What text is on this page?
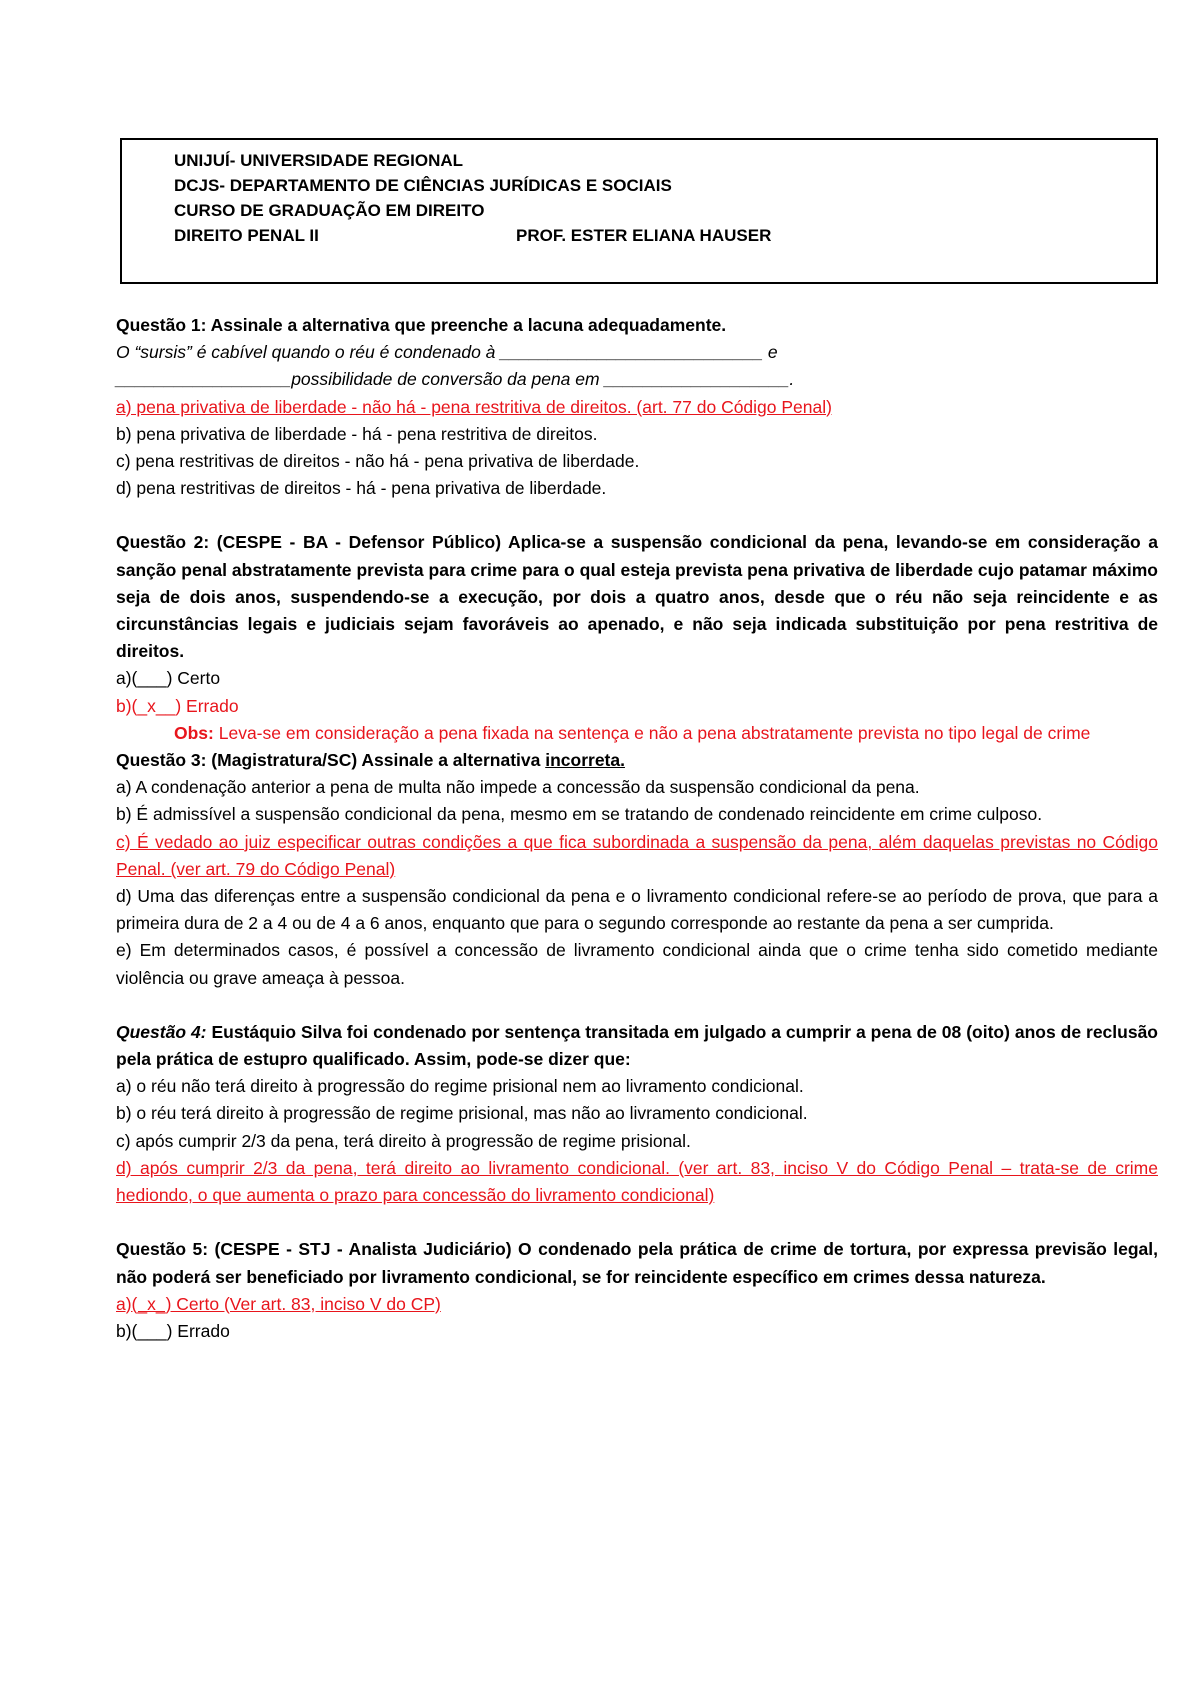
UNIJUÍ- UNIVERSIDADE REGIONAL
DCJS- DEPARTAMENTO DE CIÊNCIAS JURÍDICAS E SOCIAIS
CURSO DE GRADUAÇÃO EM DIREITO
DIREITO PENAL II	PROF. ESTER ELIANA HAUSER

Questão 1: Assinale a alternativa que preenche a lacuna adequadamente.

O “sursis” é cabível quando o réu é condenado à ___________________________ e

__________________possibilidade de conversão da pena em ___________________.

a) pena privativa de liberdade - não há - pena restritiva de direitos. (art. 77 do Código Penal)

b) pena privativa de liberdade - há - pena restritiva de direitos.

c) pena restritivas de direitos - não há - pena privativa de liberdade.

d) pena restritivas de direitos - há - pena privativa de liberdade.

Questão 2: (CESPE - BA - Defensor Público) Aplica-se a suspensão condicional da pena, levando-se em consideração a sanção penal abstratamente prevista para crime para o qual esteja prevista pena privativa de liberdade cujo patamar máximo seja de dois anos, suspendendo-se a execução, por dois a quatro anos, desde que o réu não seja reincidente e as circunstâncias legais e judiciais sejam favoráveis ao apenado, e não seja indicada substituição por pena restritiva de direitos.

a)(___) Certo

b)(_x__) Errado

Obs: Leva-se em consideração a pena fixada na sentença e não a pena abstratamente prevista no tipo legal de crime

Questão 3: (Magistratura/SC) Assinale a alternativa incorreta.

a) A condenação anterior a pena de multa não impede a concessão da suspensão condicional da pena.

b) É admissível a suspensão condicional da pena, mesmo em se tratando de condenado reincidente em crime culposo.

c) É vedado ao juiz especificar outras condições a que fica subordinada a suspensão da pena, além daquelas previstas no Código Penal. (ver art. 79 do Código Penal)

d) Uma das diferenças entre a suspensão condicional da pena e o livramento condicional refere-se ao período de prova, que para a primeira dura de 2 a 4 ou de 4 a 6 anos, enquanto que para o segundo corresponde ao restante da pena a ser cumprida.

e) Em determinados casos, é possível a concessão de livramento condicional ainda que o crime tenha sido cometido mediante violência ou grave ameaça à pessoa.

Questão 4: Eustáquio Silva foi condenado por sentença transitada em julgado a cumprir a pena de 08 (oito) anos de reclusão pela prática de estupro qualificado. Assim, pode-se dizer que:

a) o réu não terá direito à progressão do regime prisional nem ao livramento condicional.

b) o réu terá direito à progressão de regime prisional, mas não ao livramento condicional.

c) após cumprir 2/3 da pena, terá direito à progressão de regime prisional.

d) após cumprir 2/3 da pena, terá direito ao livramento condicional. (ver art. 83, inciso V do Código Penal – trata-se de crime hediondo, o que aumenta o prazo para concessão do livramento condicional)

Questão 5: (CESPE - STJ - Analista Judiciário) O condenado pela prática de crime de tortura, por expressa previsão legal, não poderá ser beneficiado por livramento condicional, se for reincidente específico em crimes dessa natureza.

a)(_x_) Certo (Ver art. 83, inciso V do CP)

b)(___) Errado
